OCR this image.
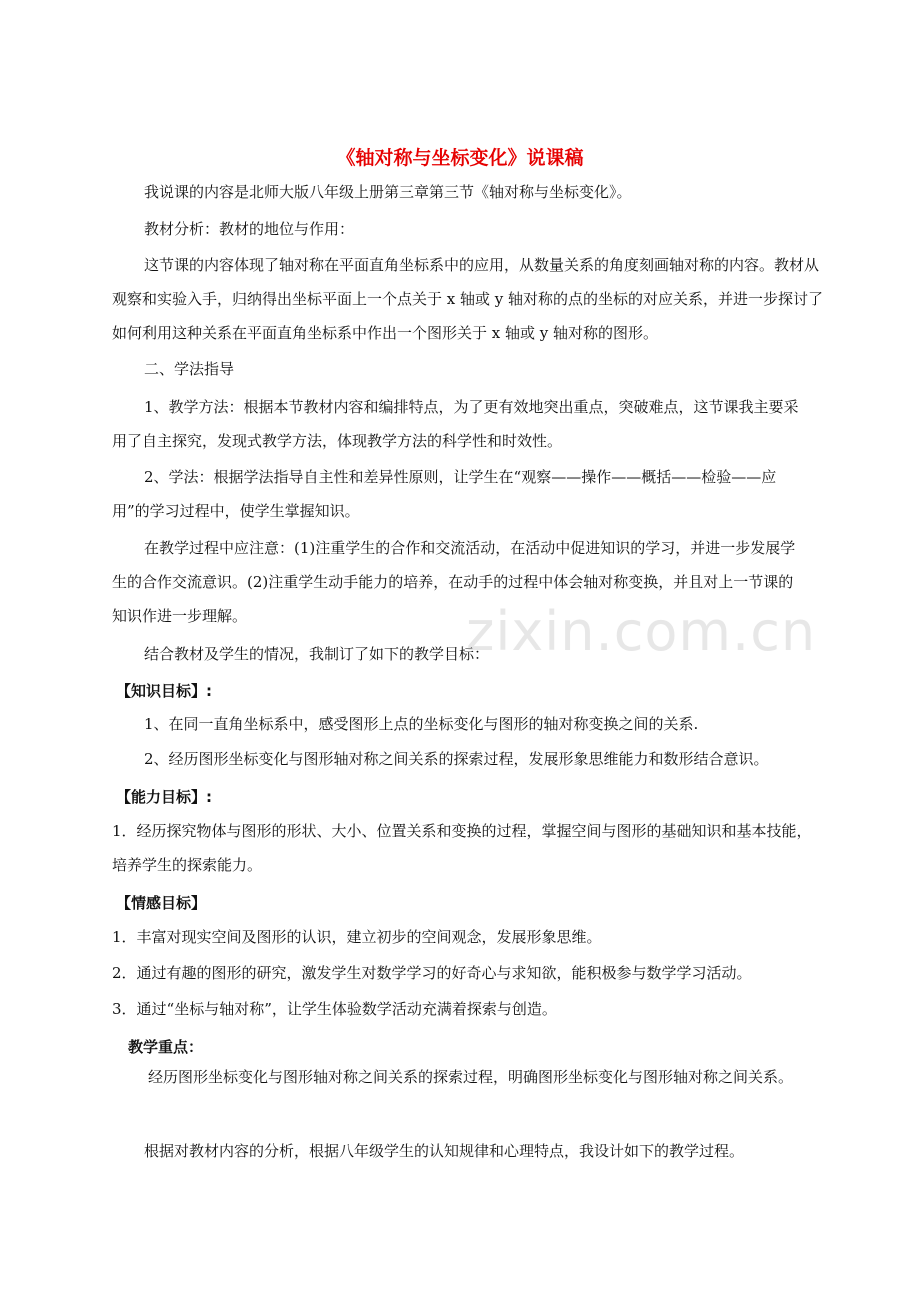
《轴对称与坐标变化》说课稿

我说课的内容是北师大版八年级上册第三章第三节《轴对称与坐标变化》。

教材分析：教材的地位与作用：

这节课的内容体现了轴对称在平面直角坐标系中的应用，从数量关系的角度刻画轴对称的内容。教材从观察和实验入手，归纳得出坐标平面上一个点关于 x 轴或 y 轴对称的点的坐标的对应关系，并进一步探讨了如何利用这种关系在平面直角坐标系中作出一个图形关于 x 轴或 y 轴对称的图形。

二、学法指导

1、教学方法：根据本节教材内容和编排特点，为了更有效地突出重点，突破难点，这节课我主要采用了自主探究，发现式教学方法，体现教学方法的科学性和时效性。

2、学法：根据学法指导自主性和差异性原则，让学生在“观察——操作——概括——检验——应用”的学习过程中，使学生掌握知识。

在教学过程中应注意：(1)注重学生的合作和交流活动，在活动中促进知识的学习，并进一步发展学生的合作交流意识。(2)注重学生动手能力的培养，在动手的过程中体会轴对称变换，并且对上一节课的知识作进一步理解。

结合教材及学生的情况，我制订了如下的教学目标：

【知识目标】:

1、在同一直角坐标系中，感受图形上点的坐标变化与图形的轴对称变换之间的关系.

2、经历图形坐标变化与图形轴对称之间关系的探索过程，发展形象思维能力和数形结合意识。

【能力目标】:

1．经历探究物体与图形的形状、大小、位置关系和变换的过程，掌握空间与图形的基础知识和基本技能，培养学生的探索能力。

【情感目标】

1．丰富对现实空间及图形的认识，建立初步的空间观念，发展形象思维。

2．通过有趣的图形的研究，激发学生对数学学习的好奇心与求知欲，能积极参与数学学习活动。

3．通过“坐标与轴对称”，让学生体验数学活动充满着探索与创造。

教学重点：

经历图形坐标变化与图形轴对称之间关系的探索过程，明确图形坐标变化与图形轴对称之间关系。

根据对教材内容的分析，根据八年级学生的认知规律和心理特点，我设计如下的教学过程。

zixin.com.cn
